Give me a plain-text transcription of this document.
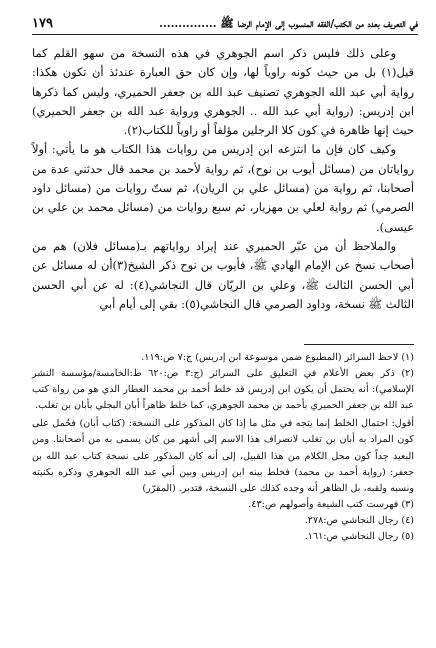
في التعريف بعدد من الكتب/الفقه المنسوب إلى الإمام الرضا ﷺ ...............
١٧٩

وعلى ذلك فليس ذكر اسم الجوهري في هذه النسخة من سهو القلم كما قيل(١) بل من حيث كونه راوياً لها، وإن كان حق العبارة عندئذ أن تكون هكذا: رواية أبي عبد الله الجوهري تصنيف عبد الله بن جعفر الحميري، وليس كما ذكرها ابن إدريس: (رواية أبي عبد الله .. الجوهري ورواية عبد الله بن جعفر الحميري) حيث إنها ظاهرة في كون كلا الرجلين مؤلفاً أو راوياً للكتاب(٢).

وكيف كان فإن ما انتزعه ابن إدريس من روايات هذا الكتاب هو ما يأتي: أولاً رواياتان من (مسائل أيوب بن نوح)، ثم رواية لأحمد بن محمد قال حدثني عدة من أصحابنا، ثم رواية من (مسائل علي بن الريان)، ثم ستّ روايات من (مسائل داود الصرمي) ثم رواية لعلي بن مهزيار، ثم سبع روايات من (مسائل محمد بن علي بن عيسى).

والملاحظ أن من عبّر الحميري عند إيراد رواياتهم بـ(مسائل فلان) هم من أصحاب نسخ عن الإمام الهادي ﷺ، فأيوب بن نوح ذكر الشيخ(٣)أن له مسائل عن أبي الحسن الثالث ﷺ، وعلي بن الريّان قال النجاشي(٤): له عن أبي الحسن الثالث ﷺ نسخة، وداود الصرمي قال النجاشي(٥): بقي إلى أيام أبي

(١) لاحظ السرائر (المطبوع ضمن موسوعة ابن إدريس) ج:٧ ص:١١٩.

(٢) ذكر بعض الأعلام في التعليق على السرائر (ج:٣ ص:٦٢٠ ط:الخامسة/مؤسسة النشر الإسلامي): أنه يحتمل أن يكون ابن إدريس قد خلط أحمد بن محمد العطار الذي هو من رواة كتب عبد الله بن جعفر الحميري بأحمد بن محمد الجوهري، كما خلط ظاهراً أبان البجلي بأبان بن تغلب.

أقول: احتمال الخلط إنما يتجه في مثل ما إذا كان المذكور على النسخة: (كتاب أبان) فحُمل على كون المراد به أبان بن تغلب لانصراف هذا الاسم إلى أشهر من كان يسمى به من أصحابنا. ومن البعيد جداً كون محل الكلام من هذا القبيل، إلى أنه كان المذكور على نسخة كتاب عبد الله بن جعفر: (رواية أحمد بن محمد) فخلط بينه ابن إدريس وبين أبي عبد الله الجوهري وذكره بكنيته ونسبه ولقبه، بل الظاهر أنه وجده كذلك على النسخة، فتدبر. (المقرّر)

(٣) فهرست كتب الشيعة وأصولهم ص:٤٣.

(٤) رجال النجاشي ص:٢٧٨.

(٥) رجال النجاشي ص:١٦١.
